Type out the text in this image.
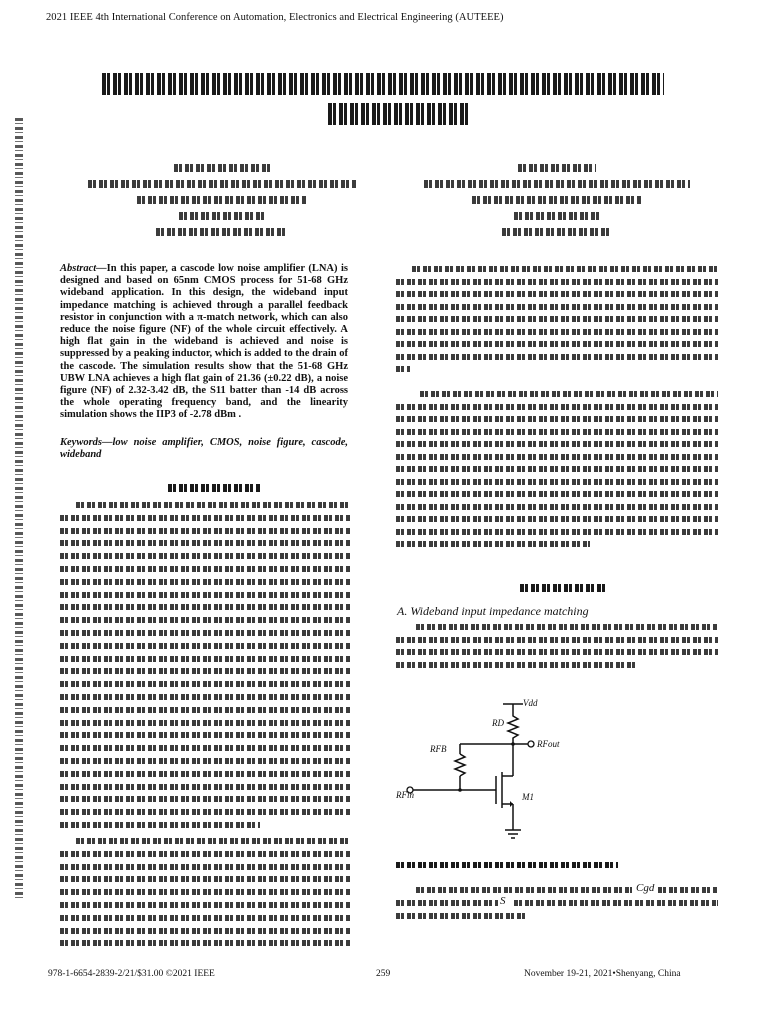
2021 IEEE 4th International Conference on Automation, Electronics and Electrical Engineering (AUTEEE)
Abstract—In this paper, a cascode low noise amplifier (LNA) is designed and based on 65nm CMOS process for 51-68 GHz wideband application. In this design, the wideband input impedance matching is achieved through a parallel feedback resistor in conjunction with a π-match network, which can also reduce the noise figure (NF) of the whole circuit effectively. A high flat gain in the wideband is achieved and noise is suppressed by a peaking inductor, which is added to the drain of the cascode. The simulation results show that the 51-68 GHz UBW LNA achieves a high flat gain of 21.36 (±0.22 dB), a noise figure (NF) of 2.32-3.42 dB, the S11 batter than -14 dB across the whole operating frequency band, and the linearity simulation shows the IIP3 of -2.78 dBm .
Keywords—low noise amplifier, CMOS, noise figure, cascode, wideband
A. Wideband input impedance matching
Vdd
RD
RFB	RFout
RFin	M1
Cgd
S
978-1-6654-2839-2/21/$31.00 ©2021 IEEE	259	November 19-21, 2021•Shenyang, China
